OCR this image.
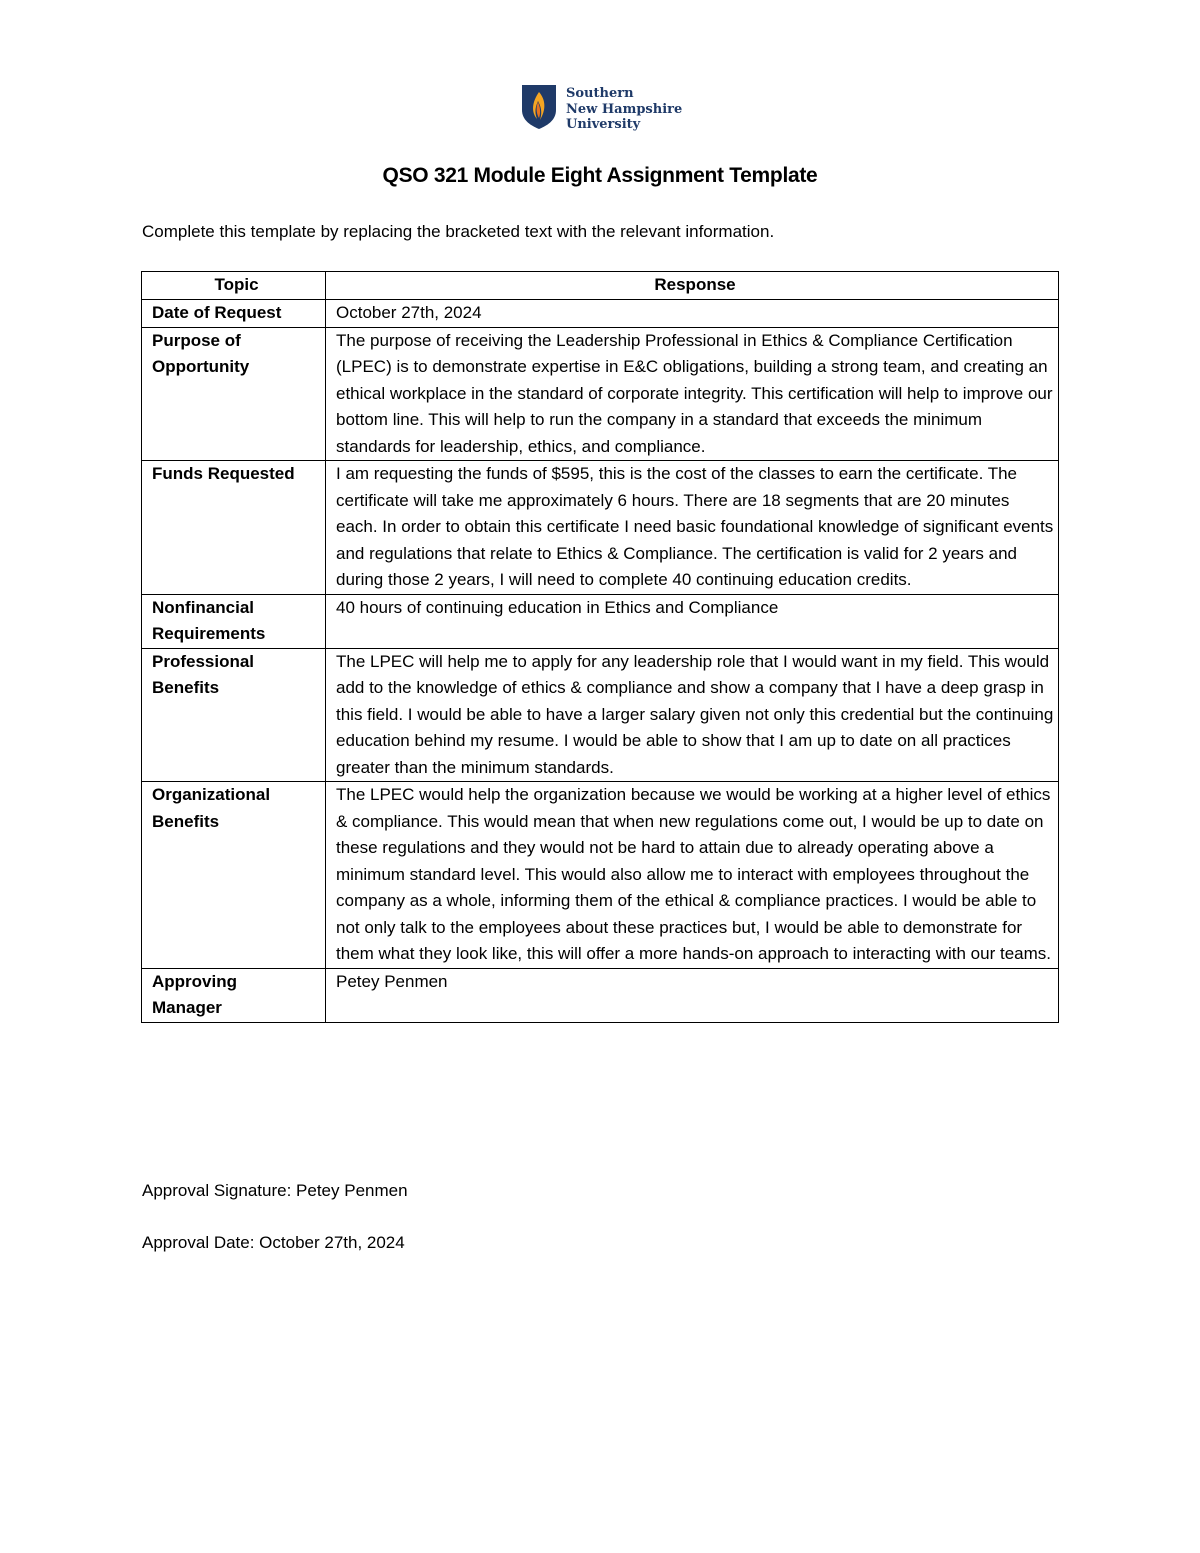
Southern
New Hampshire
University
QSO 321 Module Eight Assignment Template

Complete this template by replacing the bracketed text with the relevant information.

Topic	Response

Date of Request	October 27th, 2024

Purpose of Opportunity	The purpose of receiving the Leadership Professional in Ethics & Compliance Certification (LPEC) is to demonstrate expertise in E&C obligations, building a strong team, and creating an ethical workplace in the standard of corporate integrity. This certification will help to improve our bottom line. This will help to run the company in a standard that exceeds the minimum standards for leadership, ethics, and compliance.

Funds Requested	I am requesting the funds of $595, this is the cost of the classes to earn the certificate. The certificate will take me approximately 6 hours. There are 18 segments that are 20 minutes each. In order to obtain this certificate I need basic foundational knowledge of significant events and regulations that relate to Ethics & Compliance. The certification is valid for 2 years and during those 2 years, I will need to complete 40 continuing education credits.

Nonfinancial Requirements	40 hours of continuing education in Ethics and Compliance

Professional Benefits	The LPEC will help me to apply for any leadership role that I would want in my field. This would add to the knowledge of ethics & compliance and show a company that I have a deep grasp in this field. I would be able to have a larger salary given not only this credential but the continuing education behind my resume. I would be able to show that I am up to date on all practices greater than the minimum standards.

Organizational Benefits	The LPEC would help the organization because we would be working at a higher level of ethics & compliance. This would mean that when new regulations come out, I would be up to date on these regulations and they would not be hard to attain due to already operating above a minimum standard level. This would also allow me to interact with employees throughout the company as a whole, informing them of the ethical & compliance practices. I would be able to not only talk to the employees about these practices but, I would be able to demonstrate for them what they look like, this will offer a more hands-on approach to interacting with our teams.

Approving Manager	Petey Penmen

Approval Signature: Petey Penmen

Approval Date: October 27th, 2024
